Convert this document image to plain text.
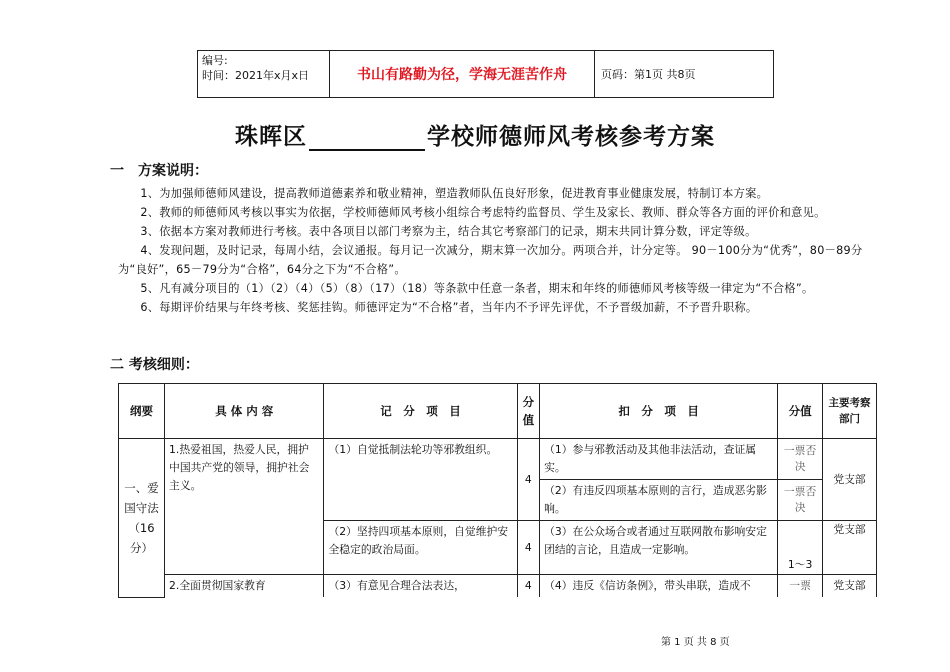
编号:
时间：2021年x月x日	书山有路勤为径，学海无涯苦作舟	页码：第1页 共8页
珠晖区	学校师德师风考核参考方案
一　方案说明：

1、为加强师德师风建设，提高教师道德素养和敬业精神，塑造教师队伍良好形象，促进教育事业健康发展，特制订本方案。

2、教师的师德师风考核以事实为依据，学校师德师风考核小组综合考虑特约监督员、学生及家长、教师、群众等各方面的评价和意见。

3、依据本方案对教师进行考核。表中各项目以部门考察为主，结合其它考察部门的记录，期末共同计算分数，评定等级。

4、发现问题，及时记录，每周小结，会议通报。每月记一次减分，期末算一次加分。两项合并，计分定等。 90－100分为“优秀”，80－89分为“良好”，65－79分为“合格”，64分之下为“不合格”。

5、凡有减分项目的（1）（2）（4）（5）（8）（17）（18）等条款中任意一条者，期末和年终的师德师风考核等级一律定为“不合格”。

6、每期评价结果与年终考核、奖惩挂钩。师德评定为“不合格”者，当年内不予评先评优，不予晋级加薪，不予晋升职称。

二 考核细则：
纲要	具 体 内 容	记　分　项　目	分值	扣　分　项　目	分值	主要考察部门
一、爱国守法（16分）	1.热爱祖国，热爱人民，拥护中国共产党的领导，拥护社会主义。	（1）自觉抵制法轮功等邪教组织。	4	（1）参与邪教活动及其他非法活动，查证属实。	一票否决	党支部
				（2）有违反四项基本原则的言行，造成恶劣影响。	一票否决	
		（2）坚持四项基本原则，自觉维护安全稳定的政治局面。	4	（3）在公众场合或者通过互联网散布影响安定团结的言论，且造成一定影响。	1～3	党支部
	2.全面贯彻国家教育	（3）有意见合理合法表达，	4	（4）违反《信访条例》，带头串联，造成不	一票	党支部
第 1 页 共 8 页
